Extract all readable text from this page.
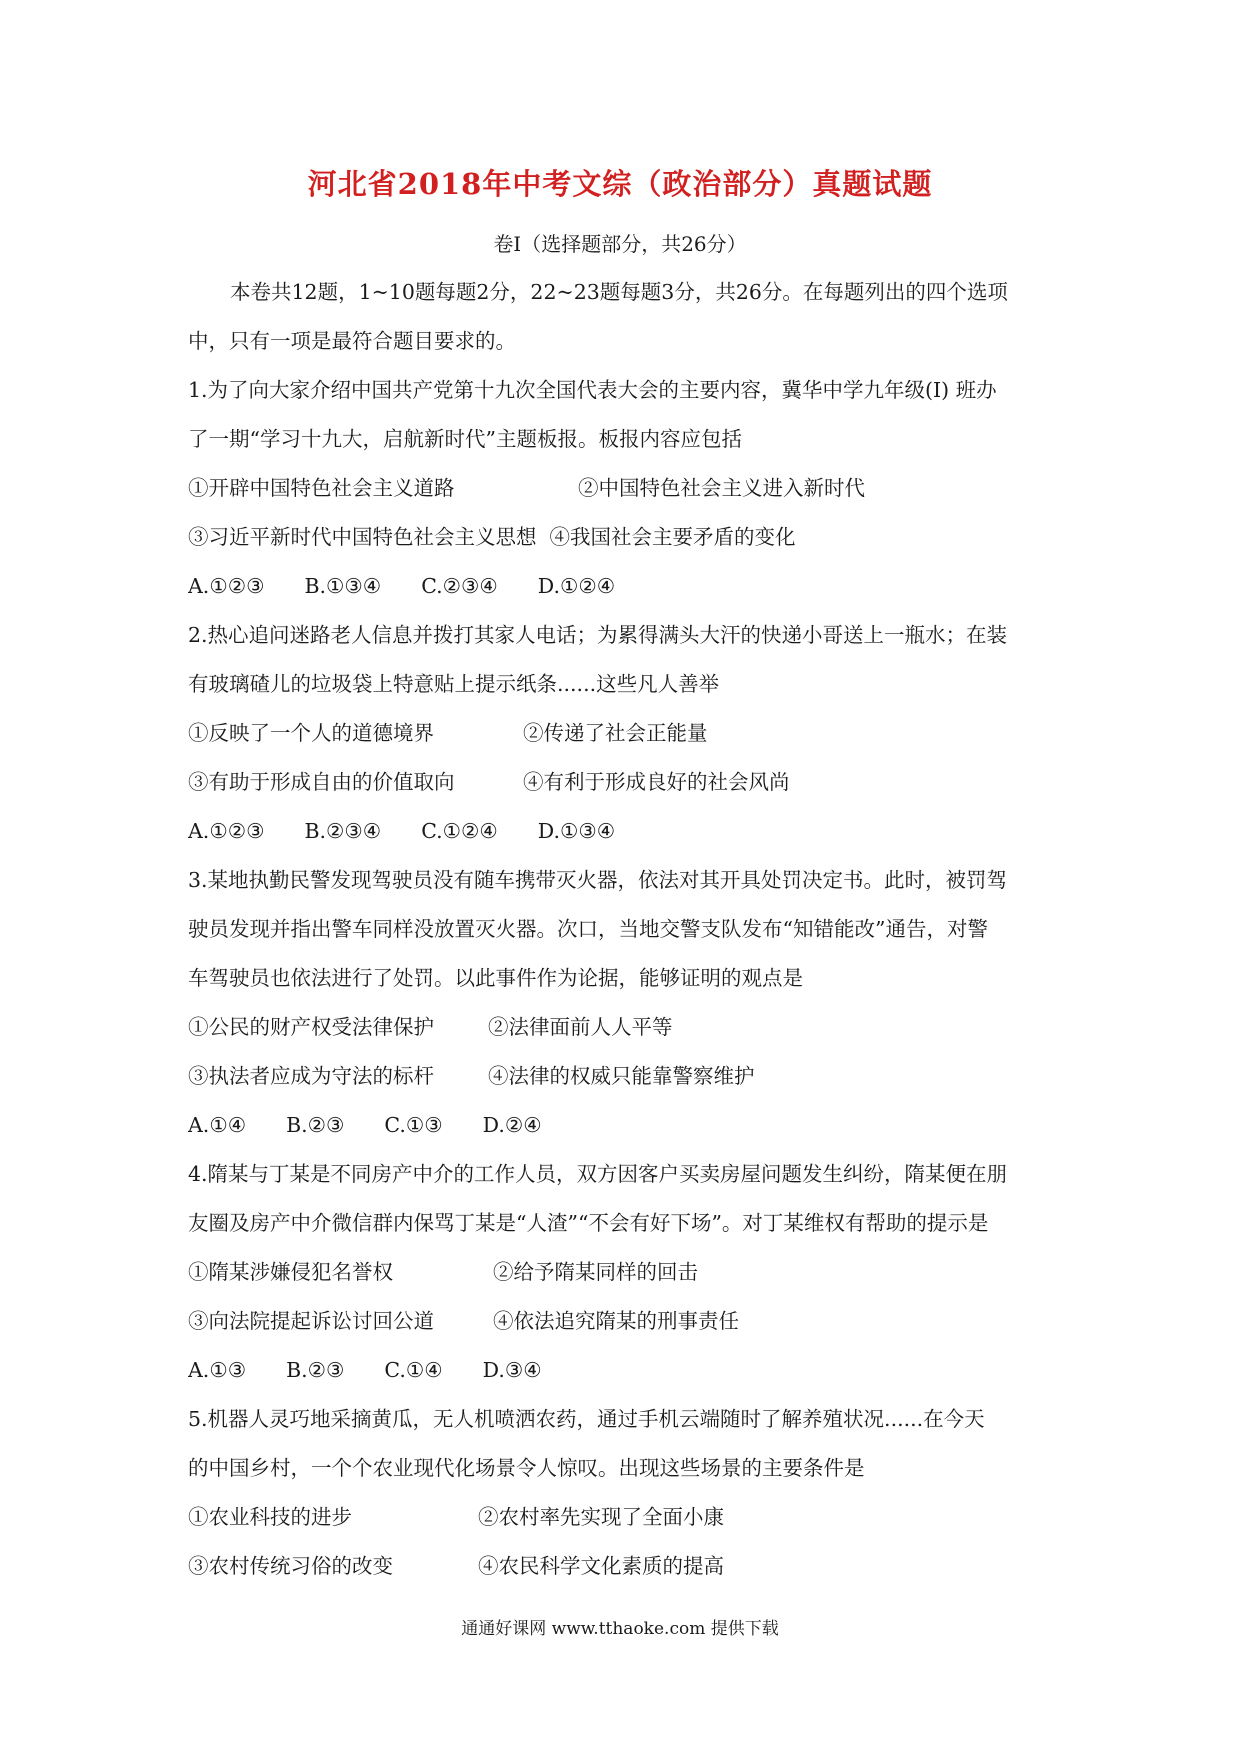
河北省2018年中考文综（政治部分）真题试题
卷Ⅰ（选择题部分，共26分）
本卷共12题，1~10题每题2分，22~23题每题3分，共26分。在每题列出的四个选项
中，只有一项是最符合题目要求的。
1.为了向大家介绍中国共产党第十九次全国代表大会的主要内容，冀华中学九年级(I) 班办
了一期“学习十九大，启航新时代”主题板报。板报内容应包括
①开辟中国特色社会主义道路	②中国特色社会主义进入新时代
③习近平新时代中国特色社会主义思想 ④我国社会主要矛盾的变化
A.①②③ B.①③④ C.②③④ D.①②④
2.热心追问迷路老人信息并拨打其家人电话；为累得满头大汗的快递小哥送上一瓶水；在装
有玻璃碴儿的垃圾袋上特意贴上提示纸条......这些凡人善举
①反映了一个人的道德境界	②传递了社会正能量
③有助于形成自由的价值取向	④有利于形成良好的社会风尚
A.①②③ B.②③④ C.①②④ D.①③④
3.某地执勤民警发现驾驶员没有随车携带灭火器，依法对其开具处罚决定书。此时，被罚驾
驶员发现并指出警车同样没放置灭火器。次口，当地交警支队发布“知错能改”通告，对警
车驾驶员也依法进行了处罚。以此事件作为论据，能够证明的观点是
①公民的财产权受法律保护	②法律面前人人平等
③执法者应成为守法的标杆	④法律的权威只能靠警察维护
A.①④ B.②③ C.①③ D.②④
4.隋某与丁某是不同房产中介的工作人员，双方因客户买卖房屋问题发生纠纷，隋某便在朋
友圈及房产中介微信群内保骂丁某是“人渣”“不会有好下场”。对丁某维权有帮助的提示是
①隋某涉嫌侵犯名誉权	②给予隋某同样的回击
③向法院提起诉讼讨回公道	④依法追究隋某的刑事责任
A.①③ B.②③ C.①④ D.③④
5.机器人灵巧地采摘黄瓜，无人机喷洒农药，通过手机云端随时了解养殖状况......在今天
的中国乡村，一个个农业现代化场景令人惊叹。出现这些场景的主要条件是
①农业科技的进步	②农村率先实现了全面小康
③农村传统习俗的改变	④农民科学文化素质的提高
通通好课网 www.tthaoke.com 提供下载
